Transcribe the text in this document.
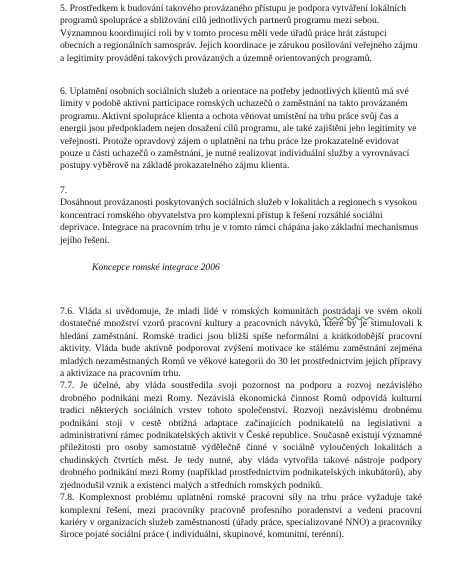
5. Prostředkem k budování takového provázaného přístupu je podpora vytváření lokálních programů spolupráce a sbližování cílů jednotlivých partnerů programu mezi sebou. Významnou koordinující roli by v tomto procesu měli vede úřadů práce hrát zástupci obecních a regionálních samospráv. Jejich koordinace je zárukou posilování veřejného zájmu a legitimity provádění takových provázaných a územně orientovaných programů.

6. Uplatnění osobních sociálních služeb a orientace na potřeby jednotlivých klientů má své limity v podobě aktivní participace romských uchazečů o zaměstnání na takto provázaném programu. Aktivní spolupráce klienta a ochota věnovat umístění na trhu práce svůj čas a energii jsou předpokladem nejen dosažení cílů programu, ale také zajištění jeho legitimity ve veřejnosti. Protože opravdový zájem o uplatnění na trhu práce lze prokazatelně evidovat pouze u části uchazečů o zaměstnání, je nutné realizovat individuální služby a vyrovnávací postupy výběrově na základě prokazatelného zájmu klienta.

7.

Dosáhnout provázanosti poskytovaných sociálních služeb v lokalitách a regionech s vysokou koncentrací romského obyvatelstva pro komplexní přístup k řešení rozsáhlé sociální deprivace. Integrace na pracovním trhu je v tomto rámci chápána jako základní mechanismus jejího řešení.

Koncepce romské integrace 2006

7.6. Vláda si uvědomuje, že mladí lidé v romských komunitách postrádají ve svém okolí dostatečné množství vzorů pracovní kultury a pracovních návyků, které by je stimulovali k hledání zaměstnání. Romské tradici jsou bližší spíše neformální a krátkodobější pracovní aktivity. Vláda bude aktivně podporovat zvýšení motivace ke stálému zaměstnání zejména mladých nezaměstnaných Romů ve věkové kategorii do 30 let prostřednictvím jejich přípravy a aktivizace na pracovním trhu.

7.7. Je účelné, aby vláda soustředila svoji pozornost na podporu a rozvoj nezávislého drobného podnikání mezi Romy. Nezávislá ekonomická činnost Romů odpovídá kulturní tradici některých sociálních vrstev tohoto společenství. Rozvoji nezávislému drobnému podnikání stojí v cestě obtížná adaptace začínajících podnikatelů na legislativní a administrativní rámec podnikatelských aktivit v České republice. Současně existují významné příležitosti pro osoby samostatně výdělečně činné v sociálně vyloučených lokalitách a chudinských čtvrtích měst. Je tedy nutné, aby vláda vytvořila takové nástroje podpory drobného podnikání mezi Romy (například prostřednictvím podnikatelských inkubátorů), aby zjednodušil vznik a existenci malých a středních romských podniků.

7.8. Komplexnost problému uplatnění romské pracovní síly na trhu práce vyžaduje také komplexní řešení, mezi pracovníky pracovně profesního poradenství a vedení pracovní kariéry v organizacích služeb zaměstnanosti (úřady práce, specializované NNO) a pracovníky široce pojaté sociální práce ( individuální, skupinové, komunitní, terénní).
